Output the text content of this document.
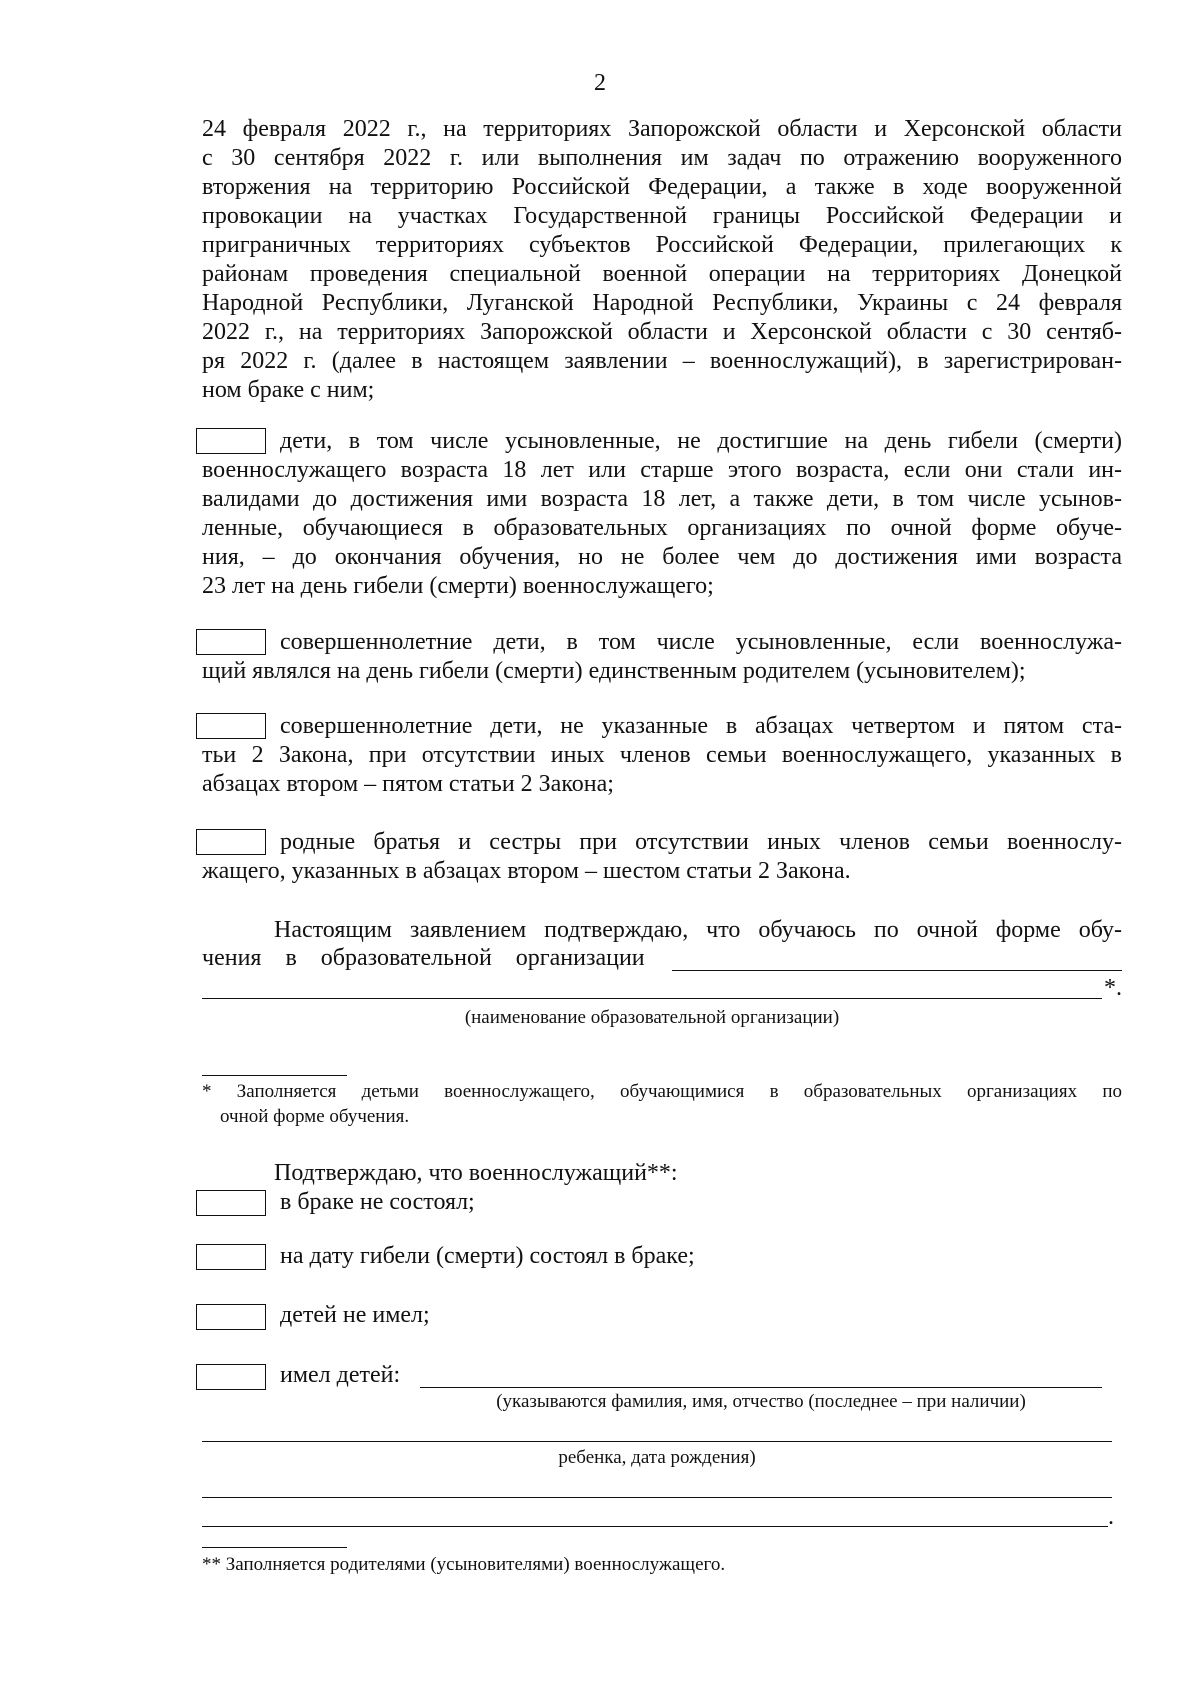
2

24 февраля 2022 г., на территориях Запорожской области и Херсонской области

с 30 сентября 2022 г. или выполнения им задач по отражению вооруженного

вторжения на территорию Российской Федерации, а также в ходе вооруженной

провокации на участках Государственной границы Российской Федерации и

приграничных территориях субъектов Российской Федерации, прилегающих к

районам проведения специальной военной операции на территориях Донецкой

Народной Республики, Луганской Народной Республики, Украины с 24 февраля

2022 г., на территориях Запорожской области и Херсонской области с 30 сентяб-

ря 2022 г. (далее в настоящем заявлении – военнослужащий), в зарегистрирован-

ном браке с ним;

дети, в том числе усыновленные, не достигшие на день гибели (смерти)

военнослужащего возраста 18 лет или старше этого возраста, если они стали ин-

валидами до достижения ими возраста 18 лет, а также дети, в том числе усынов-

ленные, обучающиеся в образовательных организациях по очной форме обуче-

ния, – до окончания обучения, но не более чем до достижения ими возраста

23 лет на день гибели (смерти) военнослужащего;

совершеннолетние дети, в том числе усыновленные, если военнослужа-

щий являлся на день гибели (смерти) единственным родителем (усыновителем);

совершеннолетние дети, не указанные в абзацах четвертом и пятом ста-

тьи 2 Закона, при отсутствии иных членов семьи военнослужащего, указанных в

абзацах втором – пятом статьи 2 Закона;

родные братья и сестры при отсутствии иных членов семьи военнослу-

жащего, указанных в абзацах втором – шестом статьи 2 Закона.

Настоящим заявлением подтверждаю, что обучаюсь по очной форме обу-

чения в образовательной организации
*.
(наименование образовательной организации)

* Заполняется детьми военнослужащего, обучающимися в образовательных организациях по

очной форме обучения.

Подтверждаю, что военнослужащий**:
в браке не состоял;
на дату гибели (смерти) состоял в браке;
детей не имел;
имел детей:
(указываются фамилия, имя, отчество (последнее – при наличии)
ребенка, дата рождения)
.
** Заполняется родителями (усыновителями) военнослужащего.
